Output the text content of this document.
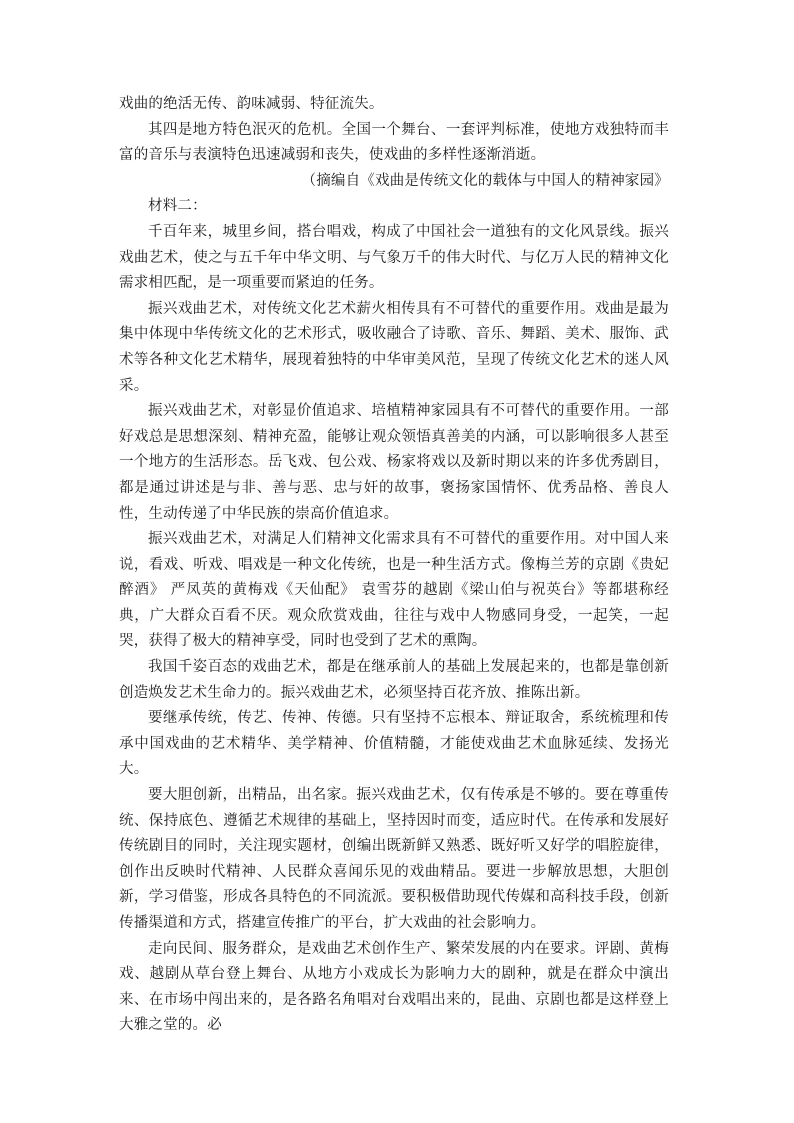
戏曲的绝活无传、韵味减弱、特征流失。

其四是地方特色泯灭的危机。全国一个舞台、一套评判标准，使地方戏独特而丰富的音乐与表演特色迅速减弱和丧失，使戏曲的多样性逐渐消逝。

（摘编自《戏曲是传统文化的载体与中国人的精神家园》

材料二：

千百年来，城里乡间，搭台唱戏，构成了中国社会一道独有的文化风景线。振兴戏曲艺术，使之与五千年中华文明、与气象万千的伟大时代、与亿万人民的精神文化需求相匹配，是一项重要而紧迫的任务。

振兴戏曲艺术，对传统文化艺术薪火相传具有不可替代的重要作用。戏曲是最为集中体现中华传统文化的艺术形式，吸收融合了诗歌、音乐、舞蹈、美术、服饰、武术等各种文化艺术精华，展现着独特的中华审美风范，呈现了传统文化艺术的迷人风采。

振兴戏曲艺术，对彰显价值追求、培植精神家园具有不可替代的重要作用。一部好戏总是思想深刻、精神充盈，能够让观众领悟真善美的内涵，可以影响很多人甚至一个地方的生活形态。岳飞戏、包公戏、杨家将戏以及新时期以来的许多优秀剧目，都是通过讲述是与非、善与恶、忠与奸的故事，褒扬家国情怀、优秀品格、善良人性，生动传递了中华民族的崇高价值追求。

振兴戏曲艺术，对满足人们精神文化需求具有不可替代的重要作用。对中国人来说，看戏、听戏、唱戏是一种文化传统，也是一种生活方式。像梅兰芳的京剧《贵妃醉酒》 严凤英的黄梅戏《天仙配》 袁雪芬的越剧《梁山伯与祝英台》等都堪称经典，广大群众百看不厌。观众欣赏戏曲，往往与戏中人物感同身受，一起笑，一起哭，获得了极大的精神享受，同时也受到了艺术的熏陶。

我国千姿百态的戏曲艺术，都是在继承前人的基础上发展起来的，也都是靠创新创造焕发艺术生命力的。振兴戏曲艺术，必须坚持百花齐放、推陈出新。

要继承传统，传艺、传神、传德。只有坚持不忘根本、辩证取舍，系统梳理和传承中国戏曲的艺术精华、美学精神、价值精髓，才能使戏曲艺术血脉延续、发扬光大。

要大胆创新，出精品，出名家。振兴戏曲艺术，仅有传承是不够的。要在尊重传统、保持底色、遵循艺术规律的基础上，坚持因时而变，适应时代。在传承和发展好传统剧目的同时，关注现实题材，创编出既新鲜又熟悉、既好听又好学的唱腔旋律，创作出反映时代精神、人民群众喜闻乐见的戏曲精品。要进一步解放思想，大胆创新，学习借鉴，形成各具特色的不同流派。要积极借助现代传媒和高科技手段，创新传播渠道和方式，搭建宣传推广的平台，扩大戏曲的社会影响力。

走向民间、服务群众，是戏曲艺术创作生产、繁荣发展的内在要求。评剧、黄梅戏、越剧从草台登上舞台、从地方小戏成长为影响力大的剧种，就是在群众中演出来、在市场中闯出来的，是各路名角唱对台戏唱出来的，昆曲、京剧也都是这样登上大雅之堂的。必
